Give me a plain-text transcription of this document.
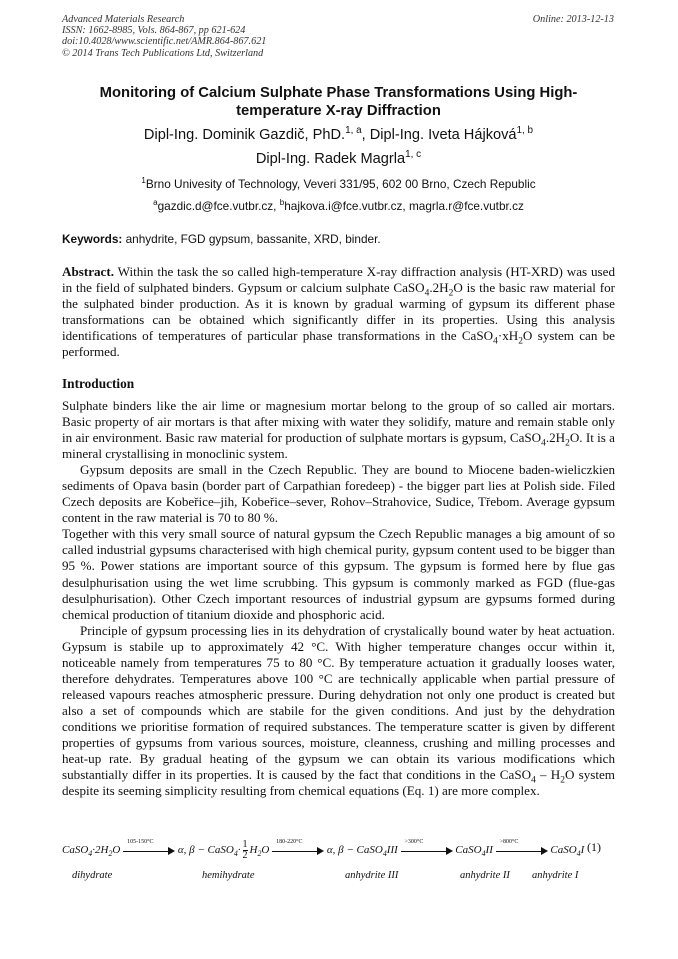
Advanced Materials Research
ISSN: 1662-8985, Vols. 864-867, pp 621-624
doi:10.4028/www.scientific.net/AMR.864-867.621
© 2014 Trans Tech Publications Ltd, Switzerland
Online: 2013-12-13
Monitoring of Calcium Sulphate Phase Transformations Using High-temperature X-ray Diffraction
Dipl-Ing. Dominik Gazdič, PhD.$^{1, a}$, Dipl-Ing. Iveta Hájková$^{1, b}$
Dipl-Ing. Radek Magrla$^{1, c}$
$^1$Brno Univesity of Technology, Veveri 331/95, 602 00 Brno, Czech Republic
$^a$gazdic.d@fce.vutbr.cz, $^b$hajkova.i@fce.vutbr.cz, magrla.r@fce.vutbr.cz
Keywords: anhydrite, FGD gypsum, bassanite, XRD, binder.
Abstract. Within the task the so called high-temperature X-ray diffraction analysis (HT-XRD) was used in the field of sulphated binders. Gypsum or calcium sulphate $CaSO_4.2H_2O$ is the basic raw material for the sulphated binder production. As it is known by gradual warming of gypsum its different phase transformations can be obtained which significantly differ in its properties. Using this analysis identifications of temperatures of particular phase transformations in the $CaSO_4\cdot xH_2O$ system can be performed.
Introduction

Sulphate binders like the air lime or magnesium mortar belong to the group of so called air mortars. Basic property of air mortars is that after mixing with water they solidify, mature and remain stable only in air environment. Basic raw material for production of sulphate mortars is gypsum, $CaSO_4.2H_2O$. It is a mineral crystallising in monoclinic system.

Gypsum deposits are small in the Czech Republic. They are bound to Miocene baden-wieliczkien sediments of Opava basin (border part of Carpathian foredeep) - the bigger part lies at Polish side. Filed Czech deposits are Kobeřice–jih, Kobeřice–sever, Rohov–Strahovice, Sudice, Třebom. Average gypsum content in the raw material is 70 to 80 %.

Together with this very small source of natural gypsum the Czech Republic manages a big amount of so called industrial gypsums characterised with high chemical purity, gypsum content used to be bigger than 95 %. Power stations are important source of this gypsum. The gypsum is formed here by flue gas desulphurisation using the wet lime scrubbing. This gypsum is commonly marked as FGD (flue-gas desulphurisation). Other Czech important resources of industrial gypsum are gypsums formed during chemical production of titanium dioxide and phosphoric acid.

Principle of gypsum processing lies in its dehydration of crystalically bound water by heat actuation. Gypsum is stabile up to approximately 42 °C. With higher temperature changes occur within it, noticeable namely from temperatures 75 to 80 °C. By temperature actuation it gradually looses water, therefore dehydrates. Temperatures above 100 °C are technically applicable when partial pressure of released vapours reaches atmospheric pressure. During dehydration not only one product is created but also a set of compounds which are stabile for the given conditions. And just by the dehydration conditions we prioritise formation of required substances. The temperature scatter is given by different properties of gypsums from various sources, moisture, cleanness, crushing and milling processes and heat-up rate. By gradual heating of the gypsum we can obtain its various modifications which substantially differ in its properties. It is caused by the fact that conditions in the CaSO$_4$ – $H_2O$ system despite its seeming simplicity resulting from chemical equations (Eq. 1) are more complex.

$CaSO_4\cdot 2H_2O$
105-150°C
α, β − CaSO$_4$· $\frac{1}{2} H_2O$
180-220°C
α, β − CaSO$_4$III
>300°C
CaSO$_4$II
>800°C
CaSO$_4$I (1)
dihydrate	hemihydrate	anhydrite III	anhydrite II anhydrite I
